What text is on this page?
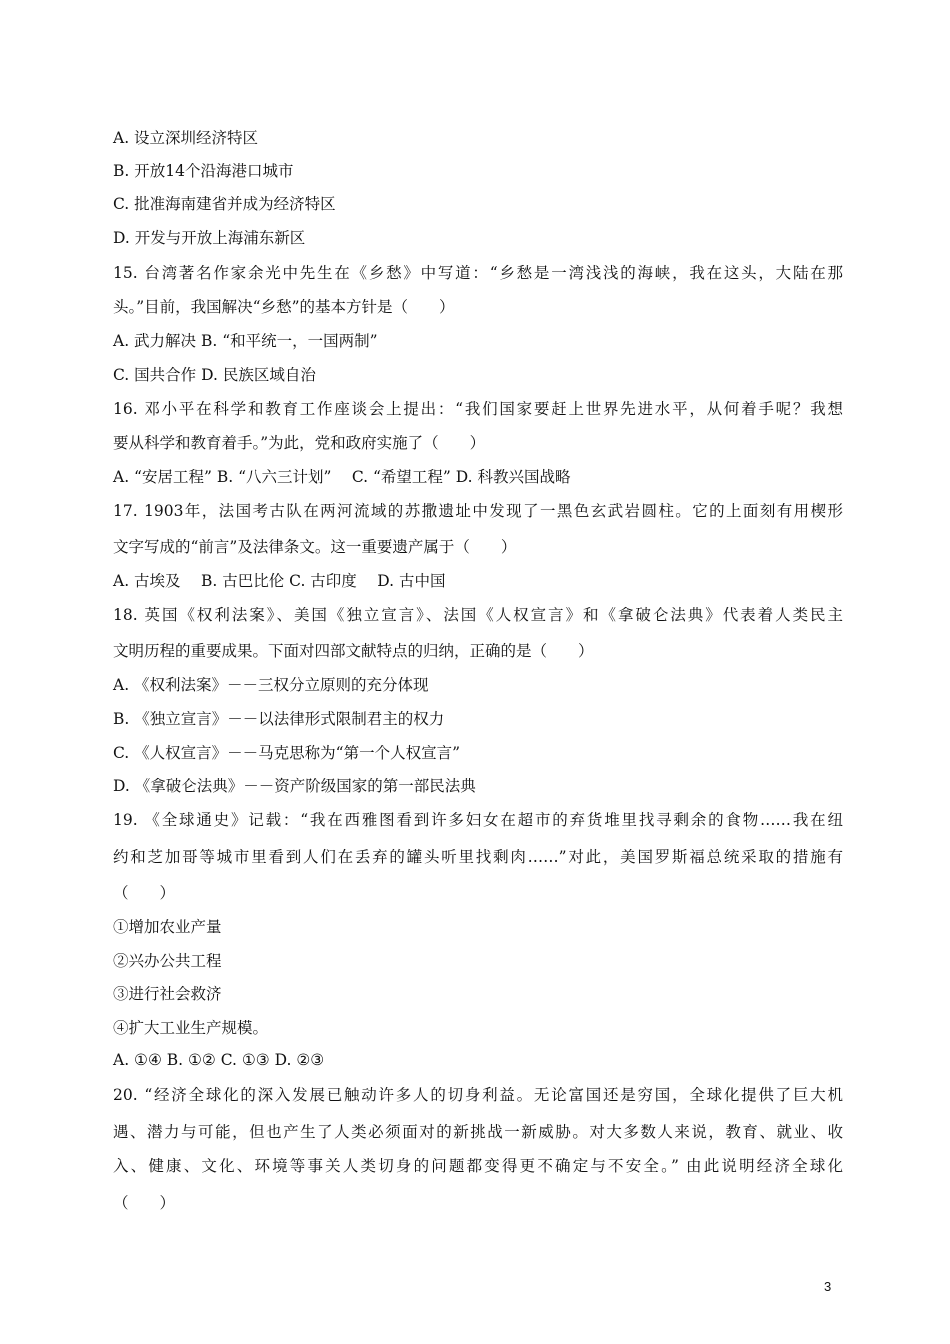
A. 设立深圳经济特区
B. 开放14个沿海港口城市
C. 批准海南建省并成为经济特区
D. 开发与开放上海浦东新区
15. 台湾著名作家余光中先生在《乡愁》中写道：“乡愁是一湾浅浅的海峡，我在这头，大陆在那
头。”目前，我国解决“乡愁”的基本方针是（　　）
A. 武力解决 B. “和平统一，一国两制”
C. 国共合作 D. 民族区域自治
16. 邓小平在科学和教育工作座谈会上提出：“我们国家要赶上世界先进水平，从何着手呢？我想
要从科学和教育着手。”为此，党和政府实施了（　　）
A. “安居工程” B. “八六三计划”　 C. “希望工程” D. 科教兴国战略
17. 1903年，法国考古队在两河流域的苏撒遗址中发现了一黑色玄武岩圆柱。它的上面刻有用楔形
文字写成的“前言”及法律条文。这一重要遗产属于（　　）
A. 古埃及　 B. 古巴比伦 C. 古印度　 D. 古中国
18. 英国《权利法案》、美国《独立宣言》、法国《人权宣言》和《拿破仑法典》代表着人类民主
文明历程的重要成果。下面对四部文献特点的归纳，正确的是（　　）
A. 《权利法案》－－三权分立原则的充分体现
B. 《独立宣言》－－以法律形式限制君主的权力
C. 《人权宣言》－－马克思称为“第一个人权宣言”
D. 《拿破仑法典》－－资产阶级国家的第一部民法典
19. 《全球通史》记载：“我在西雅图看到许多妇女在超市的弃货堆里找寻剩余的食物……我在纽
约和芝加哥等城市里看到人们在丢弃的罐头听里找剩肉……”对此，美国罗斯福总统采取的措施有
（　　）
①增加农业产量
②兴办公共工程
③进行社会救济
④扩大工业生产规模。
A. ①④ B. ①② C. ①③ D. ②③
20. “经济全球化的深入发展已触动许多人的切身利益。无论富国还是穷国，全球化提供了巨大机
遇、潜力与可能，但也产生了人类必须面对的新挑战一新威胁。对大多数人来说，教育、就业、收
入、健康、文化、环境等事关人类切身的问题都变得更不确定与不安全。” 由此说明经济全球化
（　　）
3
